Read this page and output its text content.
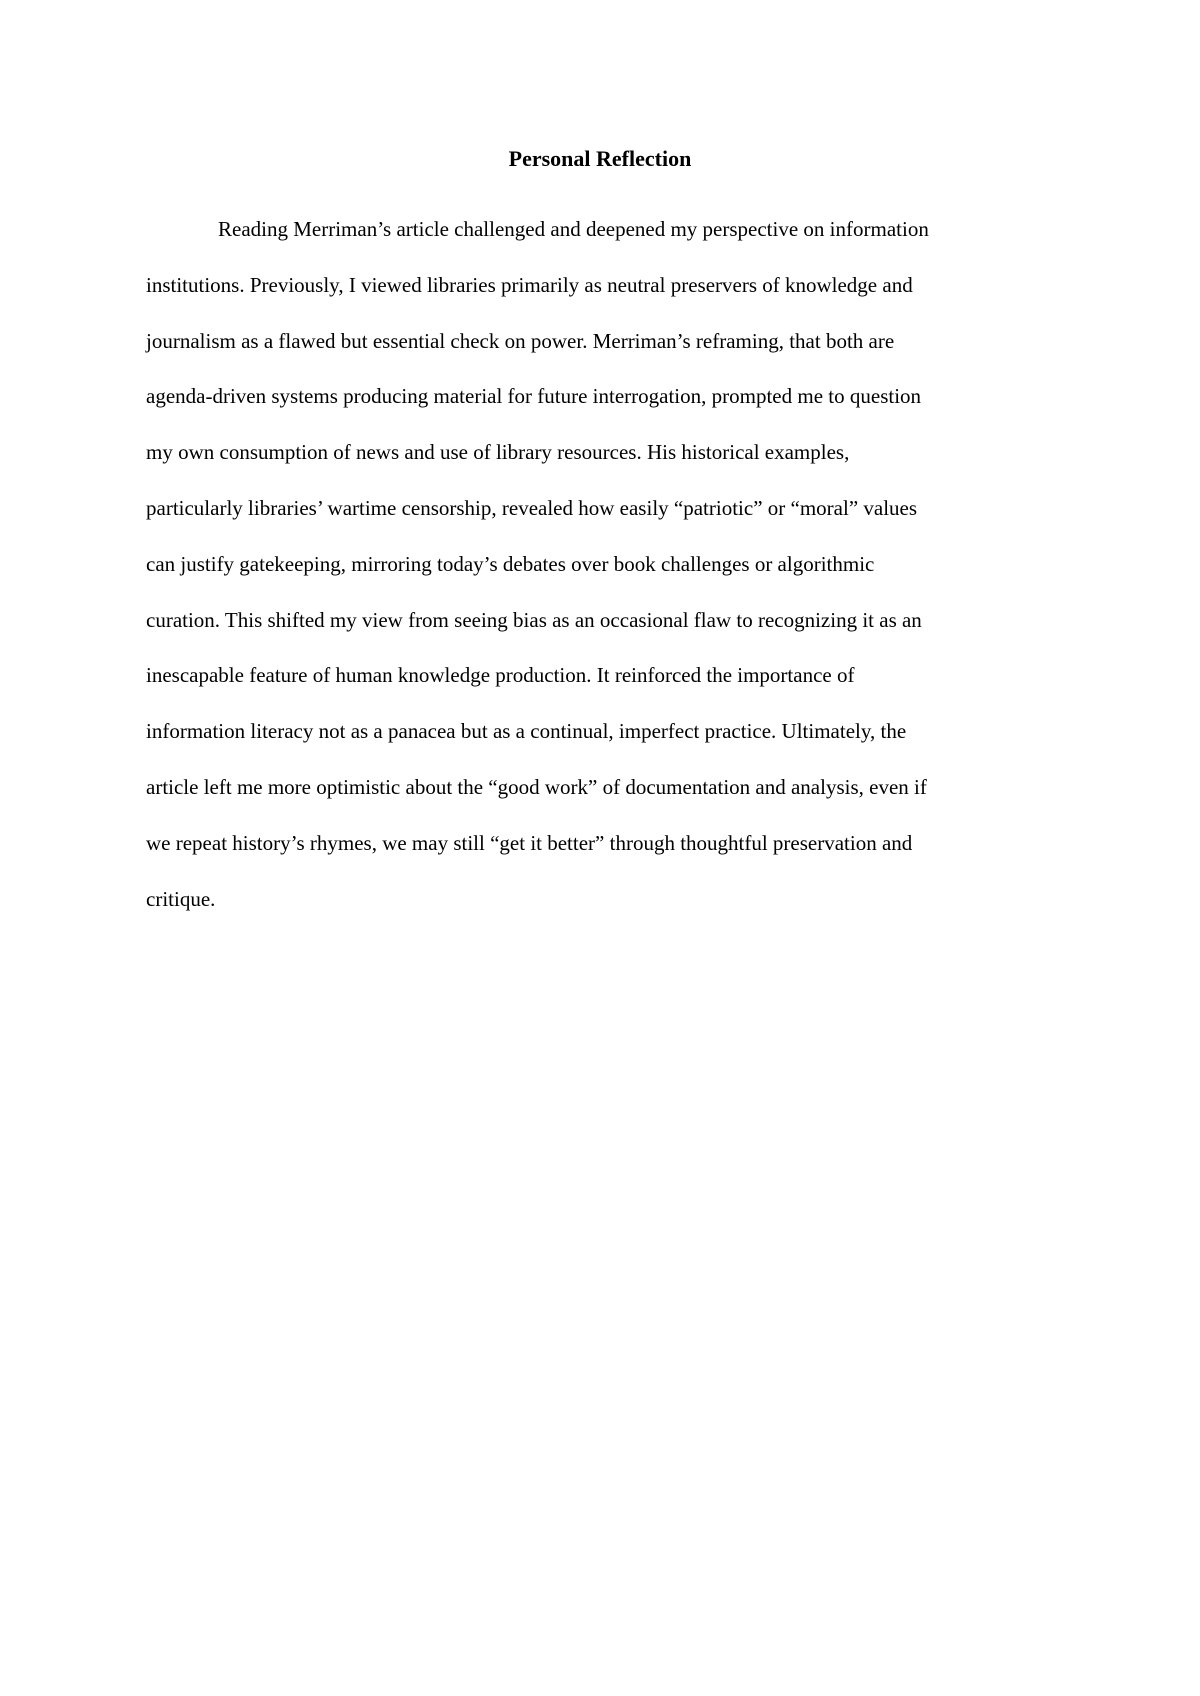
Personal Reflection

Reading Merriman’s article challenged and deepened my perspective on information
institutions. Previously, I viewed libraries primarily as neutral preservers of knowledge and
journalism as a flawed but essential check on power. Merriman’s reframing, that both are
agenda-driven systems producing material for future interrogation, prompted me to question
my own consumption of news and use of library resources. His historical examples,
particularly libraries’ wartime censorship, revealed how easily “patriotic” or “moral” values
can justify gatekeeping, mirroring today’s debates over book challenges or algorithmic
curation. This shifted my view from seeing bias as an occasional flaw to recognizing it as an
inescapable feature of human knowledge production. It reinforced the importance of
information literacy not as a panacea but as a continual, imperfect practice. Ultimately, the
article left me more optimistic about the “good work” of documentation and analysis, even if
we repeat history’s rhymes, we may still “get it better” through thoughtful preservation and
critique.
